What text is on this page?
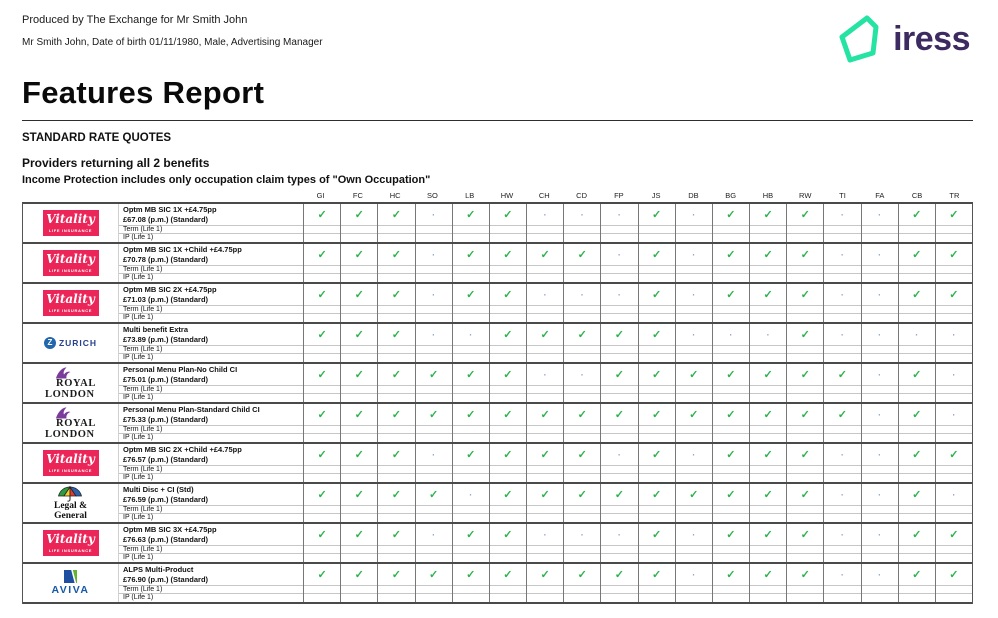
Produced by The Exchange for Mr Smith John
Mr Smith John, Date of birth 01/11/1980, Male, Advertising Manager	iress
Features Report
STANDARD RATE QUOTES
Providers returning all 2 benefits
Income Protection includes only occupation claim types of "Own Occupation"
GI	FC	HC	SO	LB	HW	CH	CD	FP	JS	DB	BG	HB	RW	TI	FA	CB	TR
Vitality
LIFE INSURANCE
Optm MB SIC 1X +£4.75pp
£67.08 (p.m.) (Standard)
Term (Life 1)
IP (Life 1)
✓	✓	✓	·	✓	✓	·	·	·	✓	·	✓	✓	✓	·	·	✓	✓
Vitality
LIFE INSURANCE
Optm MB SIC 1X +Child +£4.75pp
£70.78 (p.m.) (Standard)
Term (Life 1)
IP (Life 1)
✓	✓	✓	·	✓	✓	✓	✓	·	✓	·	✓	✓	✓	·	·	✓	✓
Vitality
LIFE INSURANCE
Optm MB SIC 2X +£4.75pp
£71.03 (p.m.) (Standard)
Term (Life 1)
IP (Life 1)
✓	✓	✓	·	✓	✓	·	·	·	✓	·	✓	✓	✓	·	·	✓	✓
Z ZURICH
Multi benefit Extra
£73.89 (p.m.) (Standard)
Term (Life 1)
IP (Life 1)
✓	✓	✓	·	·	✓	✓	✓	✓	✓	·	·	·	✓	·	·	·	·
ROYAL
LONDON
Personal Menu Plan-No Child CI
£75.01 (p.m.) (Standard)
Term (Life 1)
IP (Life 1)
✓	✓	✓	✓	✓	✓	·	·	✓	✓	✓	✓	✓	✓	✓	·	✓	·
ROYAL
LONDON
Personal Menu Plan-Standard Child CI
£75.33 (p.m.) (Standard)
Term (Life 1)
IP (Life 1)
✓	✓	✓	✓	✓	✓	✓	✓	✓	✓	✓	✓	✓	✓	✓	·	✓	·
Vitality
LIFE INSURANCE
Optm MB SIC 2X +Child +£4.75pp
£76.57 (p.m.) (Standard)
Term (Life 1)
IP (Life 1)
✓	✓	✓	·	✓	✓	✓	✓	·	✓	·	✓	✓	✓	·	·	✓	✓
Legal &
General
Multi Disc + CI (Std)
£76.59 (p.m.) (Standard)
Term (Life 1)
IP (Life 1)
✓	✓	✓	✓	·	✓	✓	✓	✓	✓	✓	✓	✓	✓	·	·	✓	·
Vitality
LIFE INSURANCE
Optm MB SIC 3X +£4.75pp
£76.63 (p.m.) (Standard)
Term (Life 1)
IP (Life 1)
✓	✓	✓	·	✓	✓	·	·	·	✓	·	✓	✓	✓	·	·	✓	✓
AVIVA
ALPS Multi-Product
£76.90 (p.m.) (Standard)
Term (Life 1)
IP (Life 1)
✓	✓	✓	✓	✓	✓	✓	✓	✓	✓	·	✓	✓	✓	·	·	✓	✓
